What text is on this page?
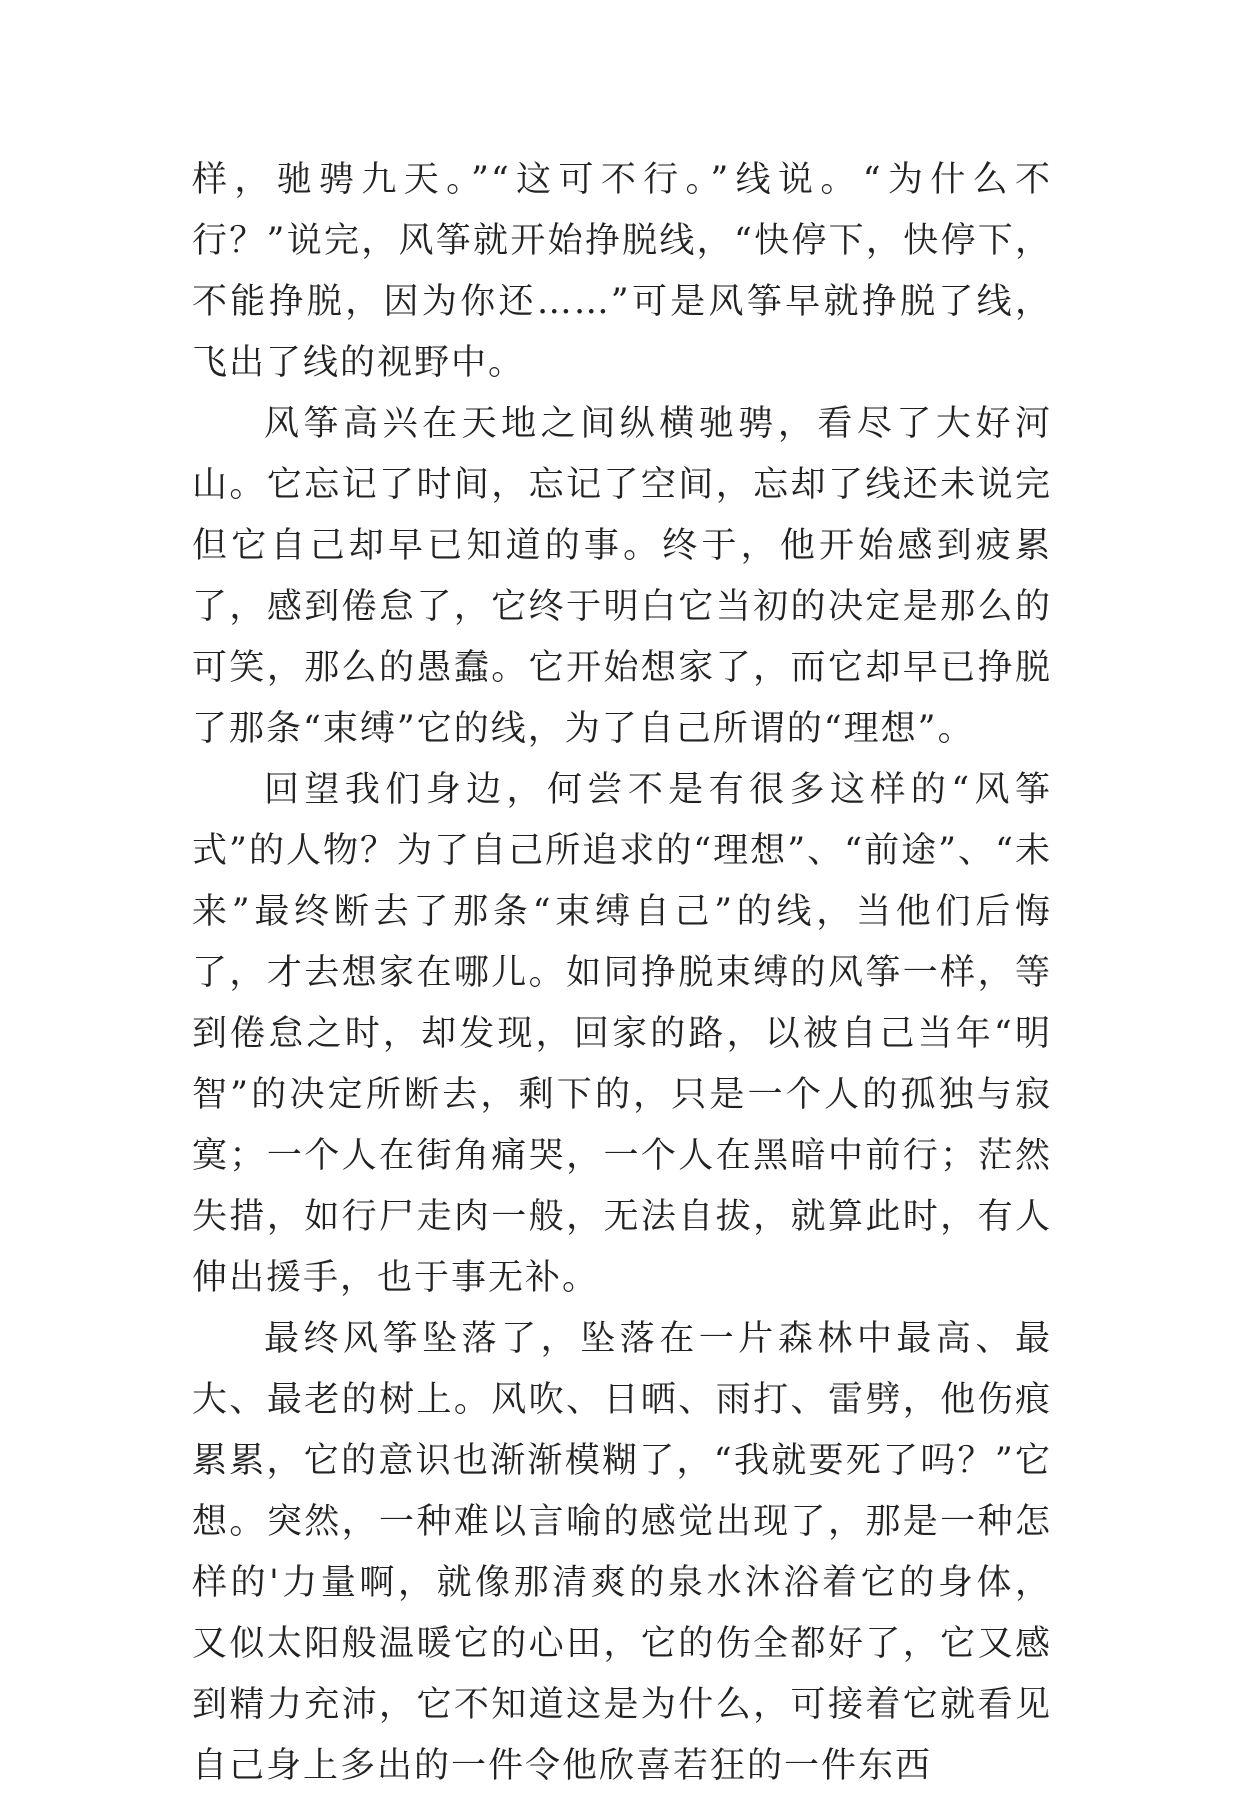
样，驰骋九天。”“这可不行。”线说。“为什么不行？”说完，风筝就开始挣脱线，“快停下，快停下，不能挣脱，因为你还……”可是风筝早就挣脱了线，飞出了线的视野中。

风筝高兴在天地之间纵横驰骋，看尽了大好河山。它忘记了时间，忘记了空间，忘却了线还未说完但它自己却早已知道的事。终于，他开始感到疲累了，感到倦怠了，它终于明白它当初的决定是那么的可笑，那么的愚蠢。它开始想家了，而它却早已挣脱了那条“束缚”它的线，为了自己所谓的“理想”。

回望我们身边，何尝不是有很多这样的“风筝式”的人物？为了自己所追求的“理想”、“前途”、“未来”最终断去了那条“束缚自己”的线，当他们后悔了，才去想家在哪儿。如同挣脱束缚的风筝一样，等到倦怠之时，却发现，回家的路，以被自己当年“明智”的决定所断去，剩下的，只是一个人的孤独与寂寞；一个人在街角痛哭，一个人在黑暗中前行；茫然失措，如行尸走肉一般，无法自拔，就算此时，有人伸出援手，也于事无补。

最终风筝坠落了，坠落在一片森林中最高、最大、最老的树上。风吹、日晒、雨打、雷劈，他伤痕累累，它的意识也渐渐模糊了，“我就要死了吗？”它想。突然，一种难以言喻的感觉出现了，那是一种怎样的'力量啊，就像那清爽的泉水沐浴着它的身体，又似太阳般温暖它的心田，它的伤全都好了，它又感到精力充沛，它不知道这是为什么，可接着它就看见自己身上多出的一件令他欣喜若狂的一件东西
